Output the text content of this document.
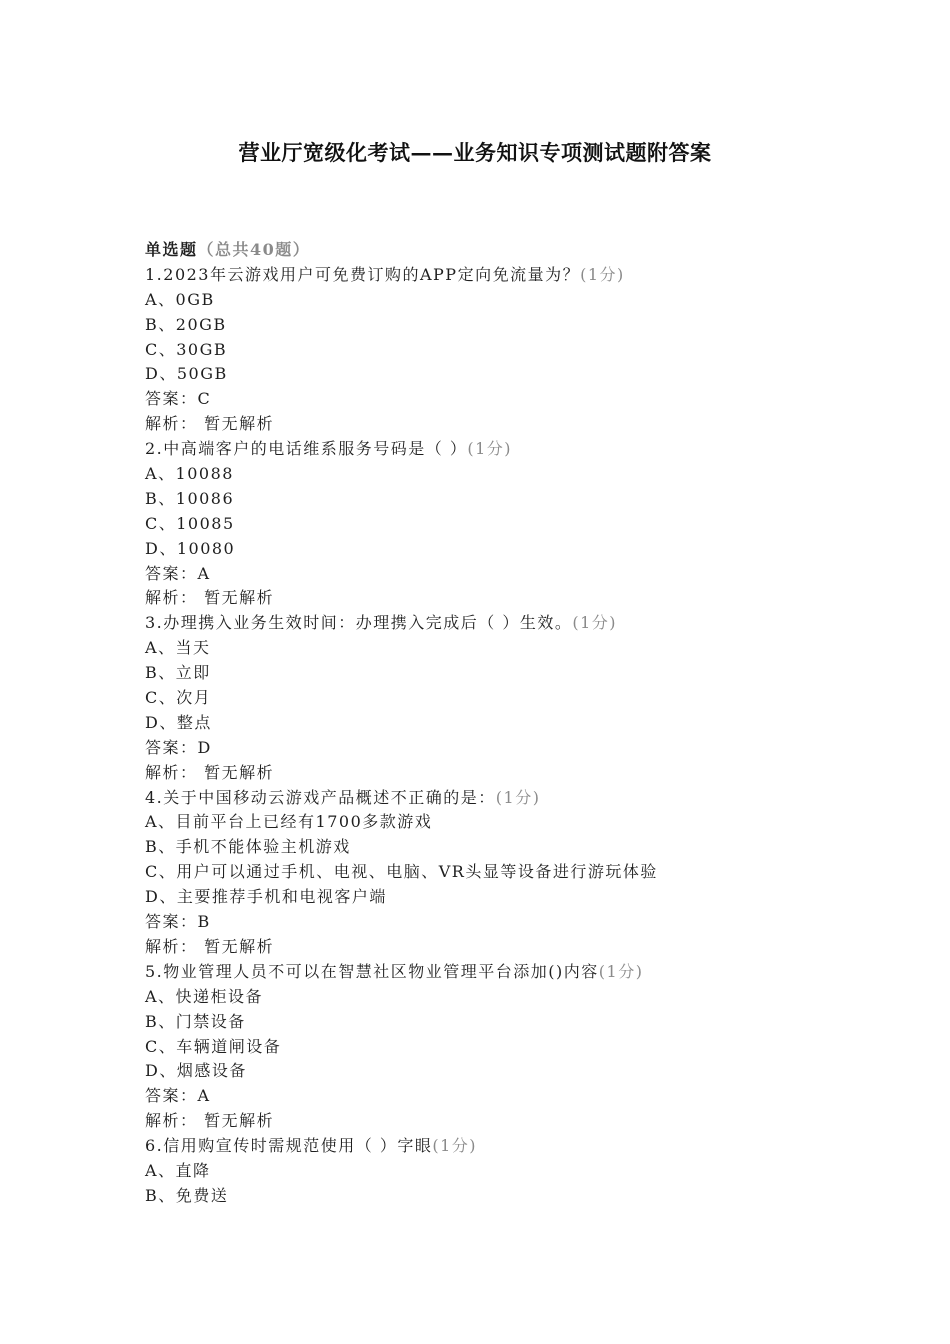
营业厅宽级化考试——业务知识专项测试题附答案
单选题（总共40题）
1.2023年云游戏用户可免费订购的APP定向免流量为？(1分)
A、0GB
B、20GB
C、30GB
D、50GB
答案：C
解析： 暂无解析
2.中高端客户的电话维系服务号码是（ ）(1分)
A、10088
B、10086
C、10085
D、10080
答案：A
解析： 暂无解析
3.办理携入业务生效时间：办理携入完成后（ ）生效。(1分)
A、当天
B、立即
C、次月
D、整点
答案：D
解析： 暂无解析
4.关于中国移动云游戏产品概述不正确的是：(1分)
A、目前平台上已经有1700多款游戏
B、手机不能体验主机游戏
C、用户可以通过手机、电视、电脑、VR头显等设备进行游玩体验
D、主要推荐手机和电视客户端
答案：B
解析： 暂无解析
5.物业管理人员不可以在智慧社区物业管理平台添加()内容(1分)
A、快递柜设备
B、门禁设备
C、车辆道闸设备
D、烟感设备
答案：A
解析： 暂无解析
6.信用购宣传时需规范使用（ ）字眼(1分)
A、直降
B、免费送
